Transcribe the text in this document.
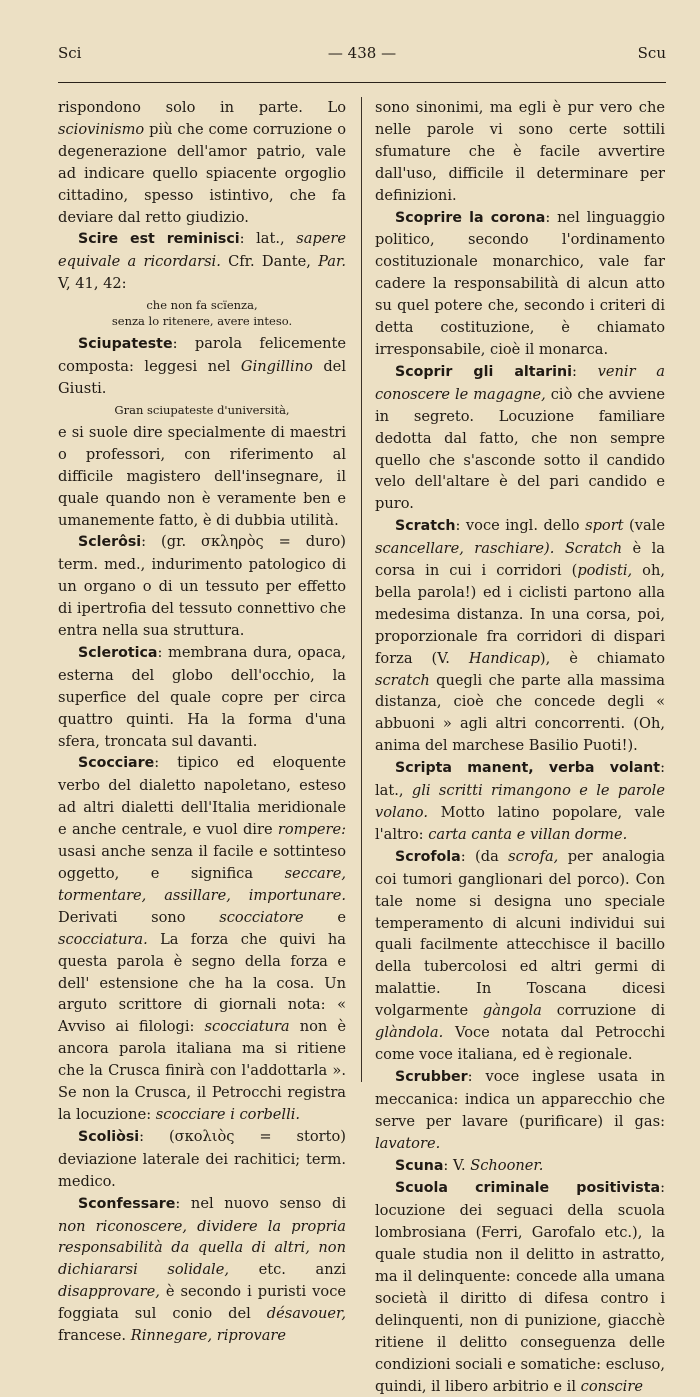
Sci	— 438 —	Scu

rispondono solo in parte. Lo sciovinismo più che come corruzione o degenerazione dell'amor patrio, vale ad indicare quello spiacente orgoglio cittadino, spesso istintivo, che fa deviare dal retto giudizio.

Scire est reminisci: lat., sapere equivale a ricordarsi. Cfr. Dante, Par. V, 41, 42:

che non fa scïenza,
senza lo ritenere, avere inteso.

Sciupateste: parola felicemente composta: leggesi nel Gingillino del Giusti.

Gran sciupateste d'università,

e si suole dire specialmente di maestri o professori, con riferimento al difficile magistero dell'insegnare, il quale quando non è veramente ben e umanemente fatto, è di dubbia utilità.

Sclerôsi: (gr. σκληρὸς = duro) term. med., indurimento patologico di un organo o di un tessuto per effetto di ipertrofia del tessuto connettivo che entra nella sua struttura.

Sclerotica: membrana dura, opaca, esterna del globo dell'occhio, la superfice del quale copre per circa quattro quinti. Ha la forma d'una sfera, troncata sul davanti.

Scocciare: tipico ed eloquente verbo del dialetto napoletano, esteso ad altri dialetti dell'Italia meridionale e anche centrale, e vuol dire rompere: usasi anche senza il facile e sottinteso oggetto, e significa seccare, tormentare, assillare, importunare. Derivati sono scocciatore e scocciatura. La forza che quivi ha questa parola è segno della forza e dell' estensione che ha la cosa. Un arguto scrittore di giornali nota: « Avviso ai filologi: scocciatura non è ancora parola italiana ma si ritiene che la Crusca finirà con l'addottarla ». Se non la Crusca, il Petrocchi registra la locuzione: scocciare i corbelli.

Scoliòsi: (σκολιὸς = storto) deviazione laterale dei rachitici; term. medico.

Sconfessare: nel nuovo senso di non riconoscere, dividere la propria responsabilità da quella di altri, non dichiararsi solidale, etc. anzi disapprovare, è secondo i puristi voce foggiata sul conio del désavouer, francese. Rinnegare, riprovare

sono sinonimi, ma egli è pur vero che nelle parole vi sono certe sottili sfumature che è facile avvertire dall'uso, difficile il determinare per definizioni.

Scoprire la corona: nel linguaggio politico, secondo l'ordinamento costituzionale monarchico, vale far cadere la responsabilità di alcun atto su quel potere che, secondo i criteri di detta costituzione, è chiamato irresponsabile, cioè il monarca.

Scoprir gli altarini: venir a conoscere le magagne, ciò che avviene in segreto. Locuzione familiare dedotta dal fatto, che non sempre quello che s'asconde sotto il candido velo dell'altare è del pari candido e puro.

Scratch: voce ingl. dello sport (vale scancellare, raschiare). Scratch è la corsa in cui i corridori (podisti, oh, bella parola!) ed i ciclisti partono alla medesima distanza. In una corsa, poi, proporzionale fra corridori di dispari forza (V. Handicap), è chiamato scratch quegli che parte alla massima distanza, cioè che concede degli « abbuoni » agli altri concorrenti. (Oh, anima del marchese Basilio Puoti!).

Scripta manent, verba volant: lat., gli scritti rimangono e le parole volano. Motto latino popolare, vale l'altro: carta canta e villan dorme.

Scrofola: (da scrofa, per analogia coi tumori ganglionari del porco). Con tale nome si designa uno speciale temperamento di alcuni individui sui quali facilmente attecchisce il bacillo della tubercolosi ed altri germi di malattie. In Toscana dicesi volgarmente gàngola corruzione di glàndola. Voce notata dal Petrocchi come voce italiana, ed è regionale.

Scrubber: voce inglese usata in meccanica: indica un apparecchio che serve per lavare (purificare) il gas: lavatore.

Scuna: V. Schooner.

Scuola criminale positivista: locuzione dei seguaci della scuola lombrosiana (Ferri, Garofalo etc.), la quale studia non il delitto in astratto, ma il delinquente: concede alla umana società il diritto di difesa contro i delinquenti, non di punizione, giacchè ritiene il delitto conseguenza delle condizioni sociali e somatiche: escluso, quindi, il libero arbitrio e il conscire
